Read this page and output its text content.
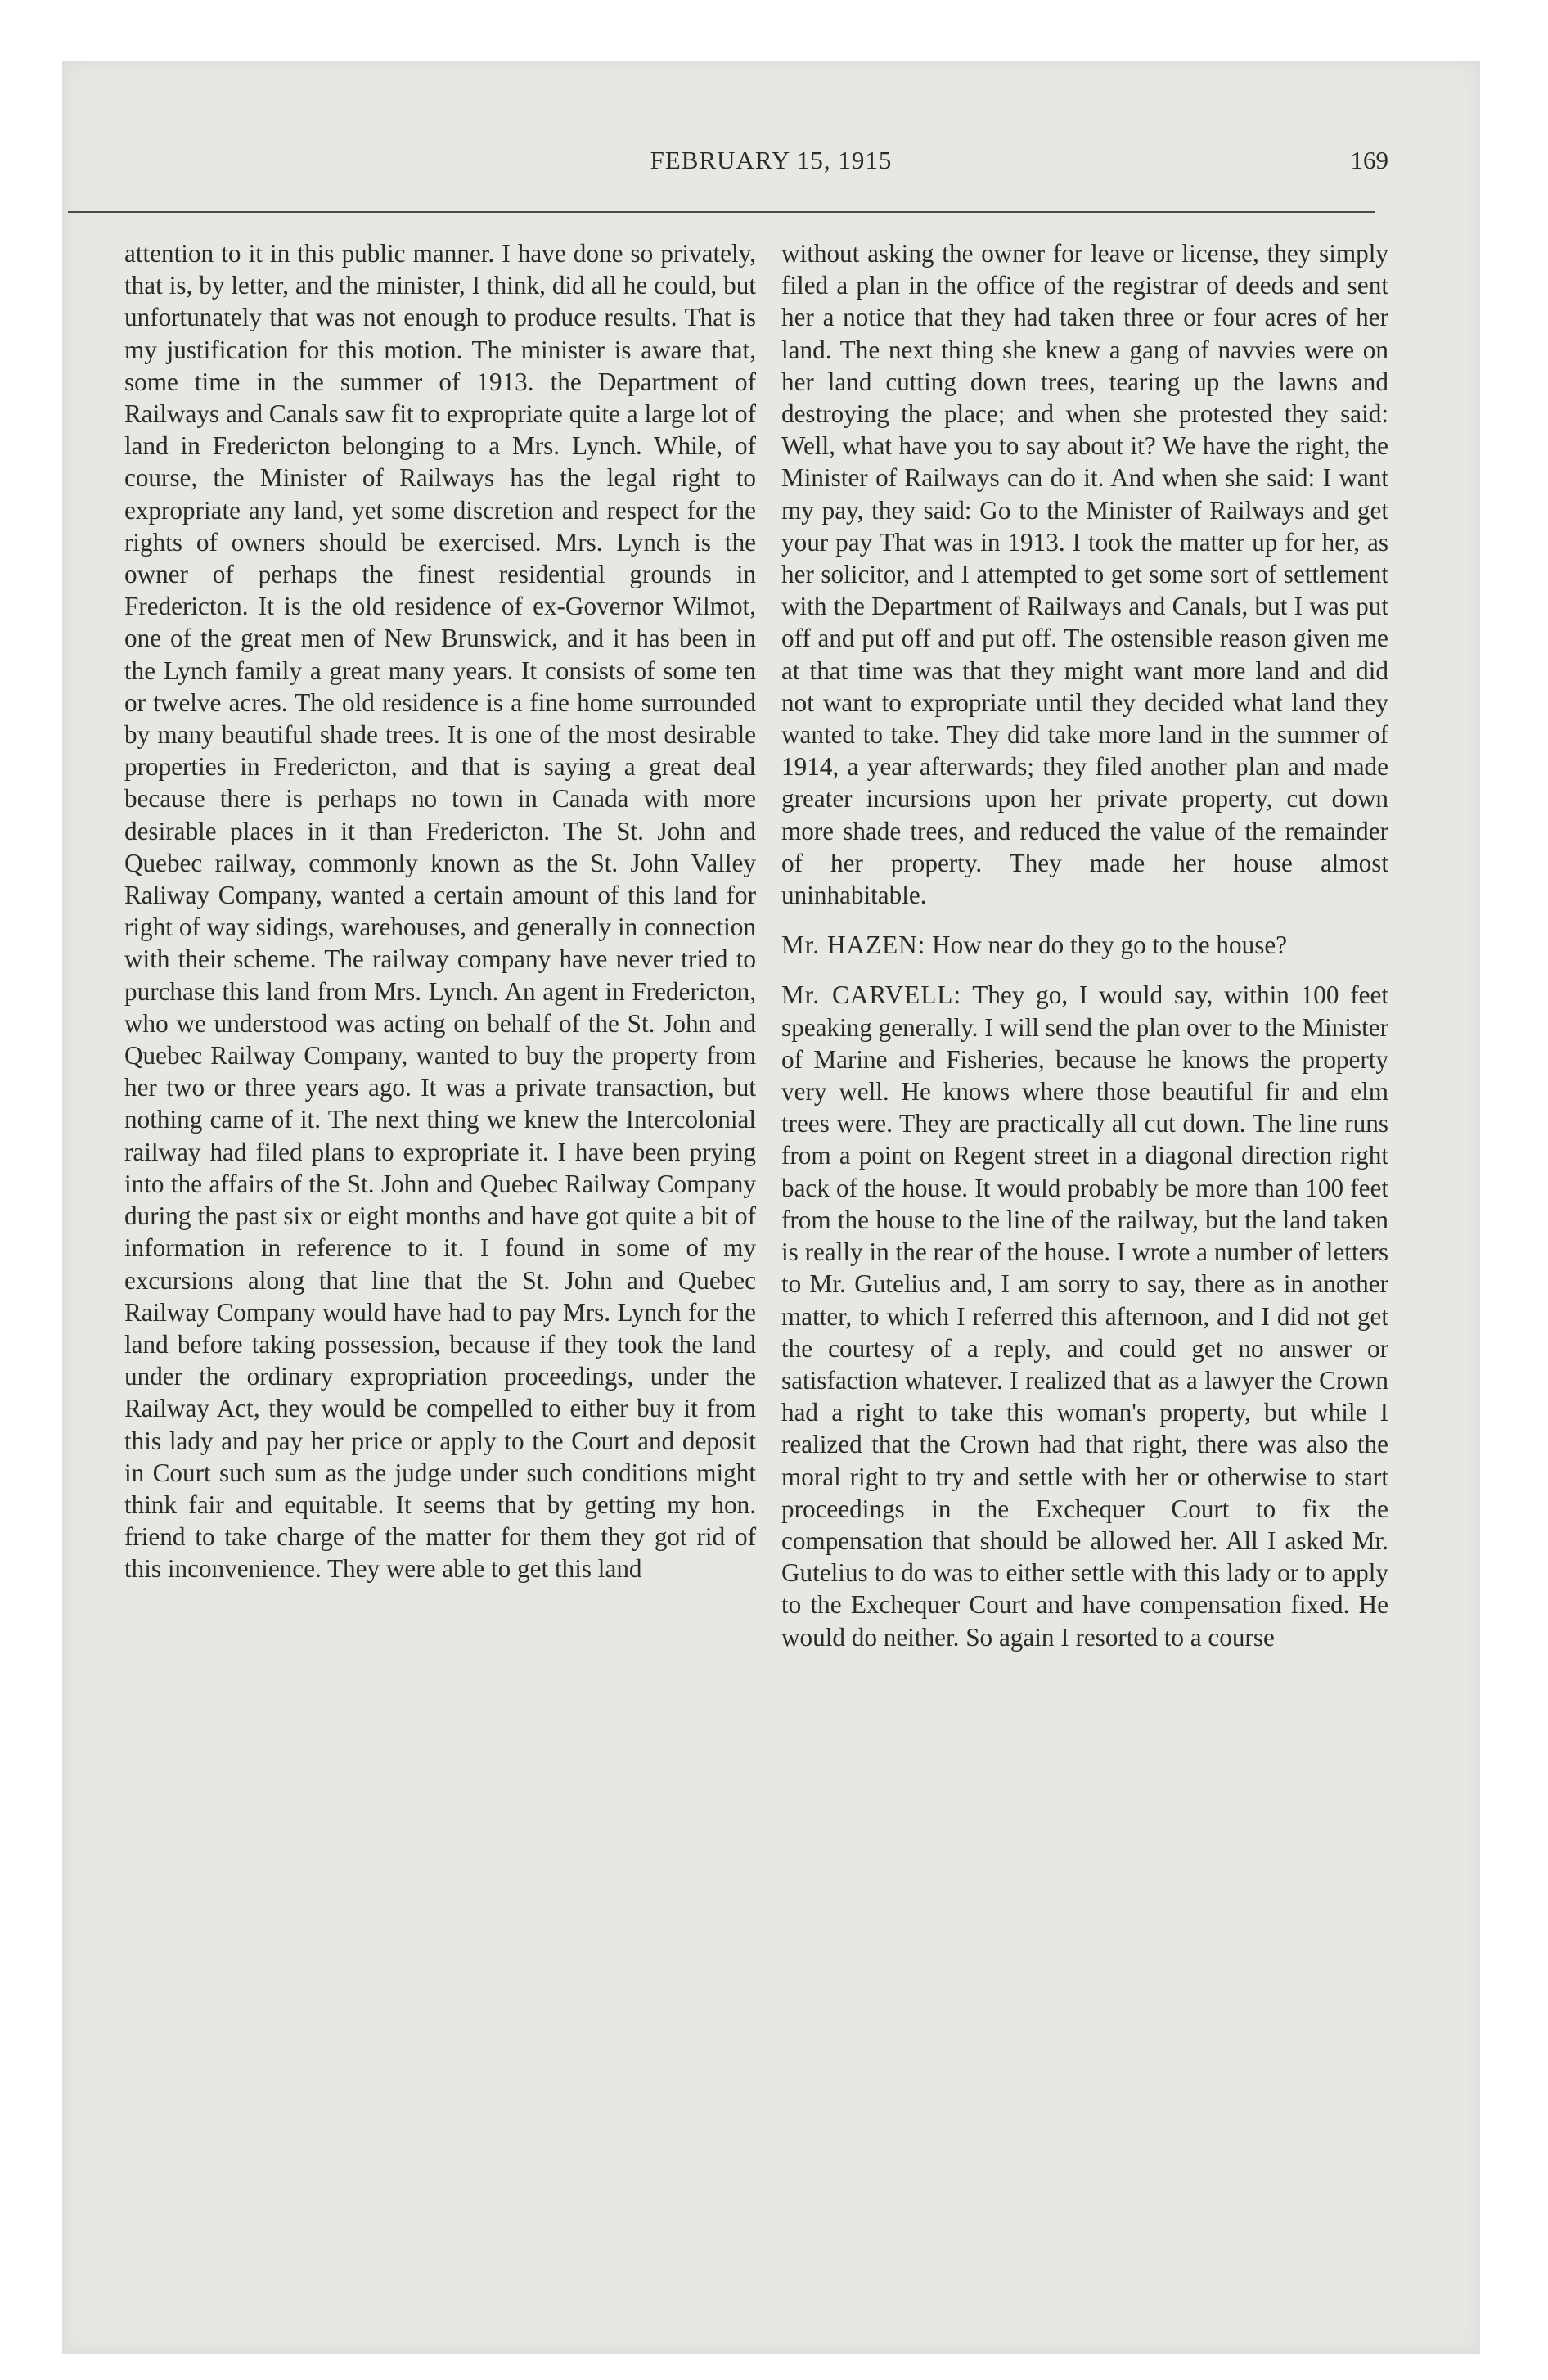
FEBRUARY 15, 1915	169

attention to it in this public manner. I have done so privately, that is, by letter, and the minister, I think, did all he could, but unfortunately that was not enough to produce results. That is my justification for this motion. The minister is aware that, some time in the summer of 1913. the Department of Railways and Canals saw fit to expropriate quite a large lot of land in Fredericton belonging to a Mrs. Lynch. While, of course, the Minister of Railways has the legal right to expropriate any land, yet some discretion and respect for the rights of owners should be exercised. Mrs. Lynch is the owner of perhaps the finest residential grounds in Fredericton. It is the old residence of ex-Governor Wilmot, one of the great men of New Brunswick, and it has been in the Lynch family a great many years. It consists of some ten or twelve acres. The old residence is a fine home surrounded by many beautiful shade trees. It is one of the most desirable properties in Fredericton, and that is saying a great deal because there is perhaps no town in Canada with more desirable places in it than Fredericton. The St. John and Quebec railway, commonly known as the St. John Valley Raliway Company, wanted a certain amount of this land for right of way sidings, warehouses, and generally in connection with their scheme. The railway company have never tried to purchase this land from Mrs. Lynch. An agent in Fredericton, who we understood was acting on behalf of the St. John and Quebec Railway Company, wanted to buy the property from her two or three years ago. It was a private transaction, but nothing came of it. The next thing we knew the Intercolonial railway had filed plans to expropriate it. I have been prying into the affairs of the St. John and Quebec Railway Company during the past six or eight months and have got quite a bit of information in reference to it. I found in some of my excursions along that line that the St. John and Quebec Railway Company would have had to pay Mrs. Lynch for the land before taking possession, because if they took the land under the ordinary expropriation proceedings, under the Railway Act, they would be compelled to either buy it from this lady and pay her price or apply to the Court and deposit in Court such sum as the judge under such conditions might think fair and equitable. It seems that by getting my hon. friend to take charge of the matter for them they got rid of this inconvenience. They were able to get this land

without asking the owner for leave or license, they simply filed a plan in the office of the registrar of deeds and sent her a notice that they had taken three or four acres of her land. The next thing she knew a gang of navvies were on her land cutting down trees, tearing up the lawns and destroying the place; and when she protested they said: Well, what have you to say about it? We have the right, the Minister of Railways can do it. And when she said: I want my pay, they said: Go to the Minister of Railways and get your pay That was in 1913. I took the matter up for her, as her solicitor, and I attempted to get some sort of settlement with the Department of Railways and Canals, but I was put off and put off and put off. The ostensible reason given me at that time was that they might want more land and did not want to expropriate until they decided what land they wanted to take. They did take more land in the summer of 1914, a year afterwards; they filed another plan and made greater incursions upon her private property, cut down more shade trees, and reduced the value of the remainder of her property. They made her house almost uninhabitable.

Mr. HAZEN: How near do they go to the house?

Mr. CARVELL: They go, I would say, within 100 feet speaking generally. I will send the plan over to the Minister of Marine and Fisheries, because he knows the property very well. He knows where those beautiful fir and elm trees were. They are practically all cut down. The line runs from a point on Regent street in a diagonal direction right back of the house. It would probably be more than 100 feet from the house to the line of the railway, but the land taken is really in the rear of the house. I wrote a number of letters to Mr. Gutelius and, I am sorry to say, there as in another matter, to which I referred this afternoon, and I did not get the courtesy of a reply, and could get no answer or satisfaction whatever. I realized that as a lawyer the Crown had a right to take this woman's property, but while I realized that the Crown had that right, there was also the moral right to try and settle with her or otherwise to start proceedings in the Exchequer Court to fix the compensation that should be allowed her. All I asked Mr. Gutelius to do was to either settle with this lady or to apply to the Exchequer Court and have compensation fixed. He would do neither. So again I resorted to a course
